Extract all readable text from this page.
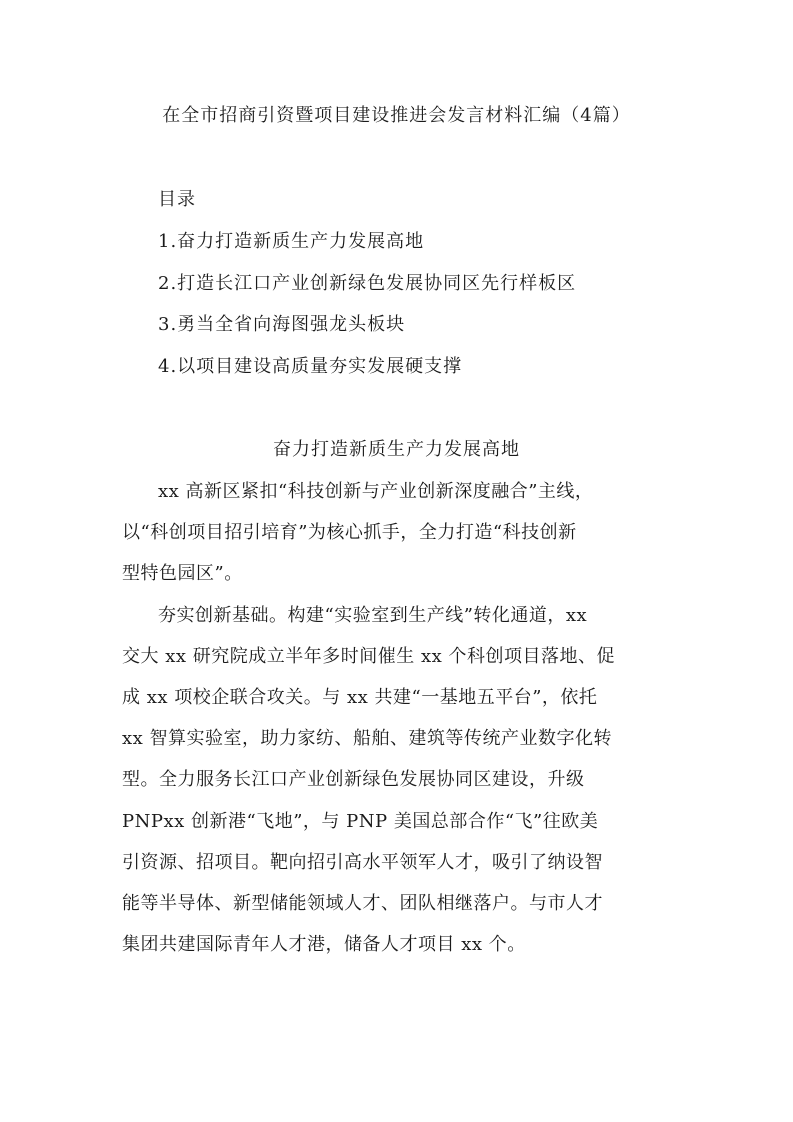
在全市招商引资暨项目建设推进会发言材料汇编（4篇）
目录
1.奋力打造新质生产力发展高地
2.打造长江口产业创新绿色发展协同区先行样板区
3.勇当全省向海图强龙头板块
4.以项目建设高质量夯实发展硬支撑
奋力打造新质生产力发展高地
xx 高新区紧扣“科技创新与产业创新深度融合”主线，
以“科创项目招引培育”为核心抓手，全力打造“科技创新
型特色园区”。
夯实创新基础。构建“实验室到生产线”转化通道，xx
交大 xx 研究院成立半年多时间催生 xx 个科创项目落地、促
成 xx 项校企联合攻关。与 xx 共建“一基地五平台”，依托
xx 智算实验室，助力家纺、船舶、建筑等传统产业数字化转
型。全力服务长江口产业创新绿色发展协同区建设，升级
PNPxx 创新港“飞地”，与 PNP 美国总部合作“飞”往欧美
引资源、招项目。靶向招引高水平领军人才，吸引了纳设智
能等半导体、新型储能领域人才、团队相继落户。与市人才
集团共建国际青年人才港，储备人才项目 xx 个。
